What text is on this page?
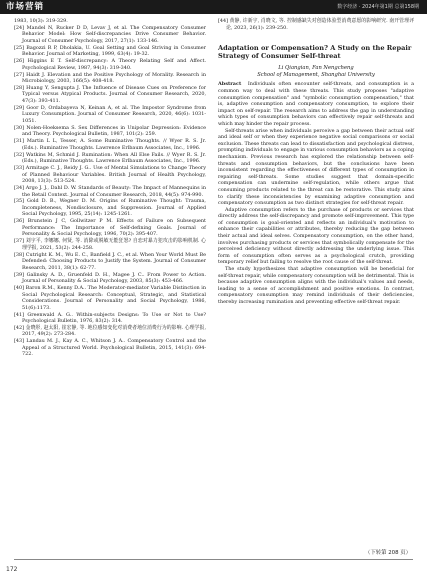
市场营销	数字经济 · 2024年第1期 总第158期

1983, 10(3): 319-329.

[24] Mandel N, Rucker D D, Levav J, et al. The Compensatory Consumer Behavior Model: How Self-discrepancies Drive Consumer Behavior. Journal of Consumer Psychology, 2017, 27(1): 133-146.

[25] Bagozzi R P, Dholakia, U. Goal Setting and Goal Striving in Consumer Behavior. Journal of Marketing, 1999, 63(4): 19-32.

[26] Higgins E T. Self-discrepancy: A Theory Relating Self and Affect. Psychological Review, 1987, 94(3): 319-340.

[27] Haidt J. Elevation and the Positive Psychology of Morality. Research in Microbiology, 2003, 166(5): 408-418.

[28] Huang Y, Sengupta J. The Influence of Disease Cues on Preference for Typical versus Atypical Products. Journal of Consumer Research, 2020, 47(3): 393-411.

[29] Goor D, Ordabayeva N, Keinan A, et al. The Impostor Syndrome from Luxury Consumption. Journal of Consumer Research, 2020, 46(6): 1031-1051.

[30] Nolen-Hoeksema S. Sex Differences in Unipolar Depression: Evidence and Theory. Psychological Bulletin, 1987, 101(2): 259.

[31] Martin L L, Tesser, A. Some Ruminative Thoughts. // Wyer R. S. Jr. (Eds.). Ruminative Thoughts. Lawrence Erlbaum Associates, Inc., 1996.

[32] Watkins M, Schmid J. Rumination: When All Else Fails. // Wyer R. S. Jr. (Eds.), Ruminative Thoughts. Lawrence Erlbaum Associates, Inc., 1996.

[33] Armitage C. J., Reidy J. G.. Use of Mental Simulations to Change Theory of Planned Behaviour Variables. British Journal of Health Psychology, 2008, 13(3): 513-524.

[34] Argo J. J., Dahl D. W. Standards of Beauty: The Impact of Mannequins in the Retail Context. Journal of Consumer Research, 2018, 44(5): 974-990.

[35] Gold D. B., Wegner D. M. Origins of Ruminative Thought: Trauma, Incompleteness, Nondisclosure, and Suppression. Journal of Applied Social Psychology, 1995, 25(14): 1245-1261.

[36] Brunstein J C, Gollwitzer P M. Effects of Failure on Subsequent Performance: The Importance of Self-defining Goals. Journal of Personality & Social Psychology, 1996, 70(2): 395-407.

[37] 刘宇平, 李娜娜, 何贤, 等. 消除或脱敏无能狂怒? 自恋对暴力犯攻击的影响机制. 心理学报, 2021, 53(2): 244-258.

[38] Cutright K. M., Wu E. C., Banfield J. C., et al. When Your World Must Be Defended: Choosing Products to Justify the System. Journal of Consumer Research, 2011, 38(1): 62-77.

[39] Galinsky A. D., Gruenfeld D. H., Magee J. C.. From Power to Action. Journal of Personality & Social Psychology, 2003, 85(3): 453-466.

[40] Baron R.M., Kenny D.A.. The Moderator-mediator Variable Distinction in Social Psychological Research: Conceptual, Strategic, and Statistical Considerations. Journal of Personality and Social Psychology, 1986, 51(6):1173.

[41] Greenwald A. G.. Within-subjects Designs: To Use or Not to Use? Psychological Bulletin, 1976, 83(2): 314.

[42] 金晓彤, 赵太阳, 崔宏静, 等. 地位感知变化对消费者地位消费行为的影响. 心理学报, 2017, 49(2): 273-284.

[43] Landau M. J., Kay A. C., Whitson J. A.. Compensatory Control and the Appeal of a Structured World. Psychological Bulletin, 2015, 141(3): 694-722.

[44] 黄静, 许新宇, 肖晓文, 等. 控制感缺失对创造体验型消费意愿的影响研究. 南开管理评论, 2023, 26(1): 239-250.

Adaptation or Compensation? A Study on the Repair Strategy of Consumer Self-threat
Li Qiangian, Fan Nengcheng
School of Management, Shanghai University

Abstract Individuals often encounter self-threats, and consumption is a common way to deal with these threats. This study proposes "adaptive consumption compensation" and "symbolic consumption compensation," that is, adaptive consumption and compensatory consumption, to explore their impact on self-repair. The research aims to address the gap in understanding which types of consumption behaviors can effectively repair self-threats and which may hinder the repair process.

Self-threats arise when individuals perceive a gap between their actual self and ideal self or when they experience negative social comparisons or social exclusion. These threats can lead to dissatisfaction and psychological distress, prompting individuals to engage in various consumption behaviors as a coping mechanism. Previous research has explored the relationship between self-threats and consumption behaviors, but the conclusions have been inconsistent regarding the effectiveness of different types of consumption in repairing self-threats. Some studies suggest that domain-specific compensation can undermine self-regulation, while others argue that consuming products related to the threat can be restorative. This study aims to clarify these inconsistencies by examining adaptive consumption and compensatory consumption as two distinct strategies for self-threat repair.

Adaptive consumption refers to the purchase of products or services that directly address the self-discrepancy and promote self-improvement. This type of consumption is goal-oriented and reflects an individual's motivation to enhance their capabilities or attributes, thereby reducing the gap between their actual and ideal selves. Compensatory consumption, on the other hand, involves purchasing products or services that symbolically compensate for the perceived deficiency without directly addressing the underlying issue. This form of consumption often serves as a psychological crutch, providing temporary relief but failing to resolve the root cause of the self-threat.

The study hypothesizes that adaptive consumption will be beneficial for self-threat repair, while compensatory consumption will be detrimental. This is because adaptive consumption aligns with the individual's values and needs, leading to a sense of accomplishment and positive emotions. In contrast, compensatory consumption may remind individuals of their deficiencies, thereby increasing rumination and preventing effective self-threat repair.

（下转第 208 页）
172
